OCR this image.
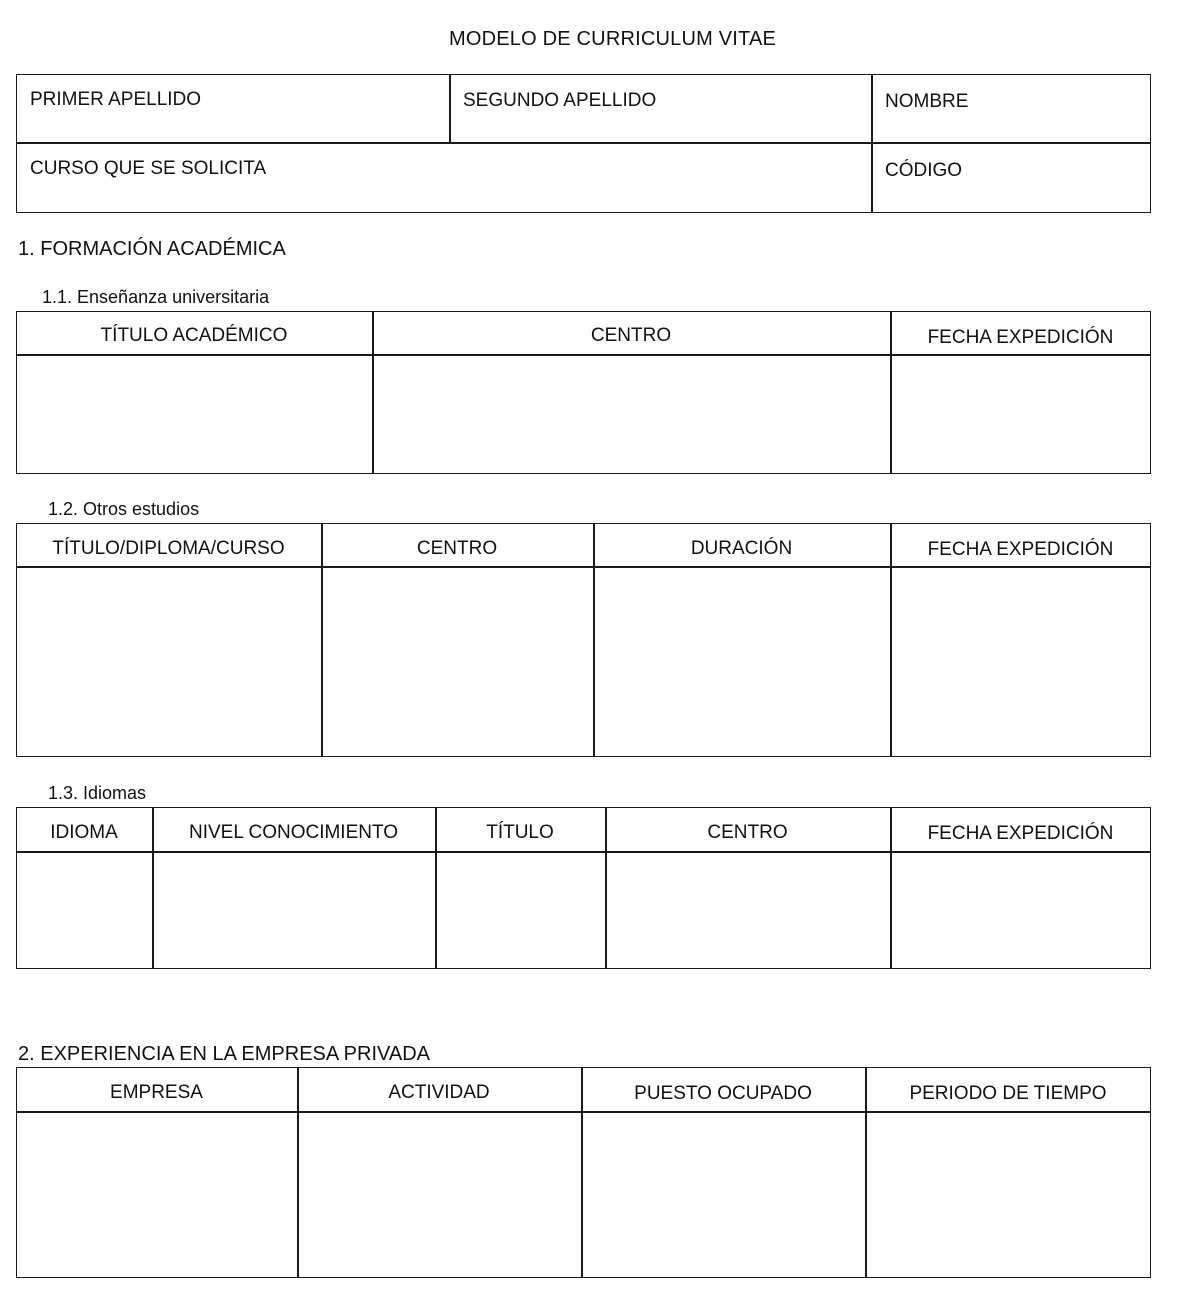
MODELO DE CURRICULUM VITAE
PRIMER APELLIDO	SEGUNDO APELLIDO	NOMBRE
CURSO QUE SE SOLICITA	CÓDIGO
1. FORMACIÓN ACADÉMICA
1.1. Enseñanza universitaria
TÍTULO ACADÉMICO	CENTRO	FECHA EXPEDICIÓN
1.2. Otros estudios
TÍTULO/DIPLOMA/CURSO	CENTRO	DURACIÓN	FECHA EXPEDICIÓN
1.3. Idiomas
IDIOMA	NIVEL CONOCIMIENTO	TÍTULO	CENTRO	FECHA EXPEDICIÓN
2. EXPERIENCIA EN LA EMPRESA PRIVADA
EMPRESA	ACTIVIDAD	PUESTO OCUPADO	PERIODO DE TIEMPO
